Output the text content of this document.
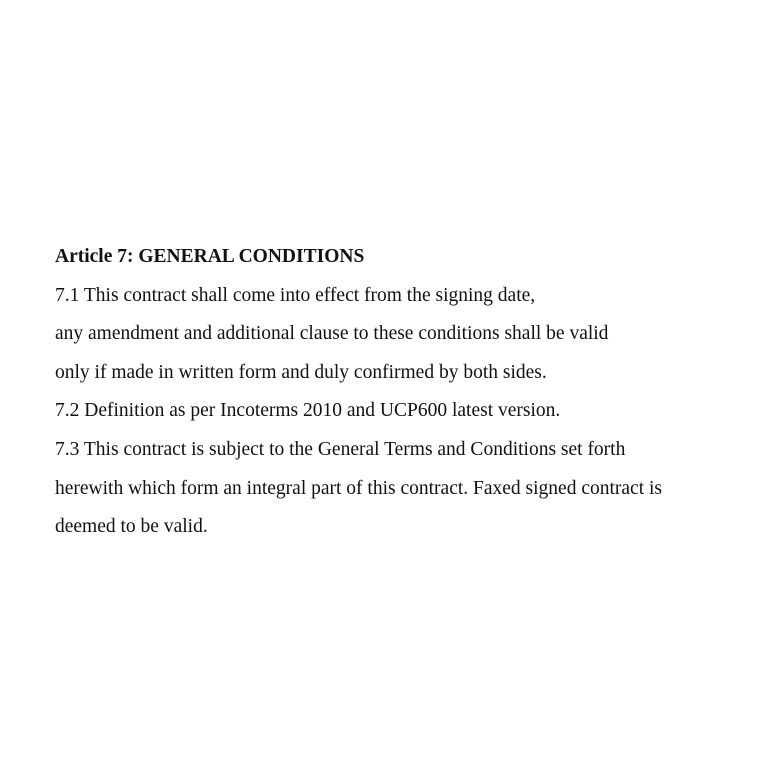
Article 7: GENERAL CONDITIONS
7.1 This contract shall come into effect from the signing date,
any amendment and additional clause to these conditions shall be valid
only if made in written form and duly confirmed by both sides.
7.2 Definition as per Incoterms 2010 and UCP600 latest version.
7.3 This contract is subject to the General Terms and Conditions set forth
herewith which form an integral part of this contract. Faxed signed contract is
deemed to be valid.
